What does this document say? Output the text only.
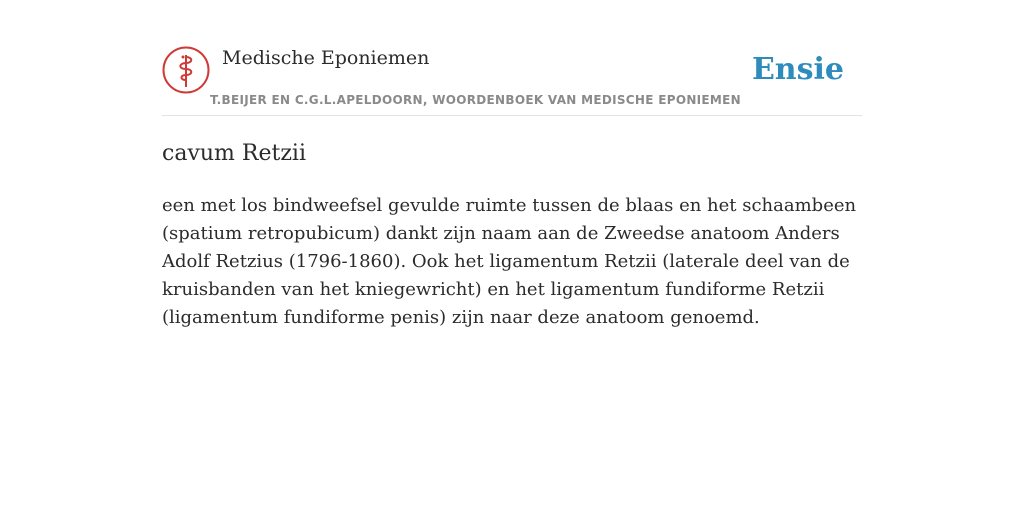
Medische Eponiemen
T.BEIJER EN C.G.L.APELDOORN, WOORDENBOEK VAN MEDISCHE EPONIEMEN
Ensie
cavum Retzii

een met los bindweefsel gevulde ruimte tussen de blaas en het schaambeen (spatium retropubicum) dankt zijn naam aan de Zweedse anatoom Anders Adolf Retzius (1796-1860). Ook het ligamentum Retzii (laterale deel van de kruisbanden van het kniegewricht) en het ligamentum fundiforme Retzii (ligamentum fundiforme penis) zijn naar deze anatoom genoemd.
